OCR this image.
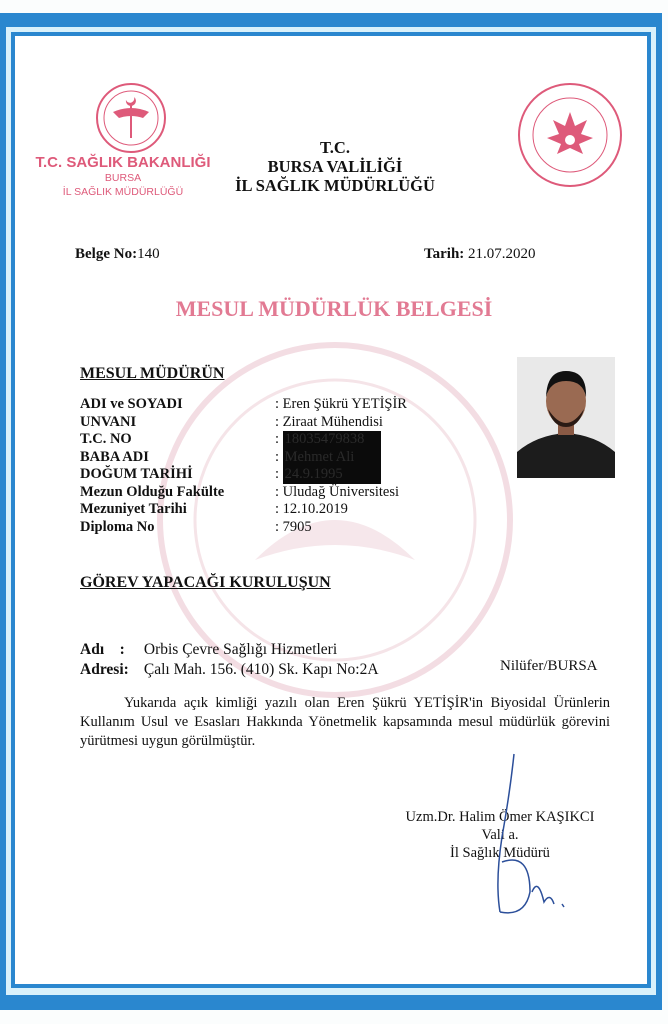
T.C. SAĞLIK BAKANLIĞI
BURSA
İL SAĞLIK MÜDÜRLÜĞÜ
T.C.
BURSA VALİLİĞİ
İL SAĞLIK MÜDÜRLÜĞÜ
Belge No:140	Tarih: 21.07.2020
MESUL MÜDÜRLÜK BELGESİ
MESUL MÜDÜRÜN
ADI ve SOYADI	: Eren Şükrü YETİŞİR
UNVANI	: Ziraat Mühendisi
T.C. NO	: 18035479838
BABA ADI	: Mehmet Ali
DOĞUM TARİHİ	: 24.9.1995
Mezun Olduğu Fakülte	: Uludağ Üniversitesi
Mezuniyet Tarihi	: 12.10.2019
Diploma No	: 7905
GÖREV YAPACAĞI KURULUŞUN
Adı    : Orbis Çevre Sağlığı Hizmetleri
Adresi: Çalı Mah. 156. (410) Sk. Kapı No:2A	Nilüfer/BURSA
Yukarıda açık kimliği yazılı olan Eren Şükrü YETİŞİR'in Biyosidal Ürünlerin Kullanım Usul ve Esasları Hakkında Yönetmelik kapsamında mesul müdürlük görevini yürütmesi uygun görülmüştür.
Uzm.Dr. Halim Ömer KAŞIKCI
Vali a.
İl Sağlık Müdürü
